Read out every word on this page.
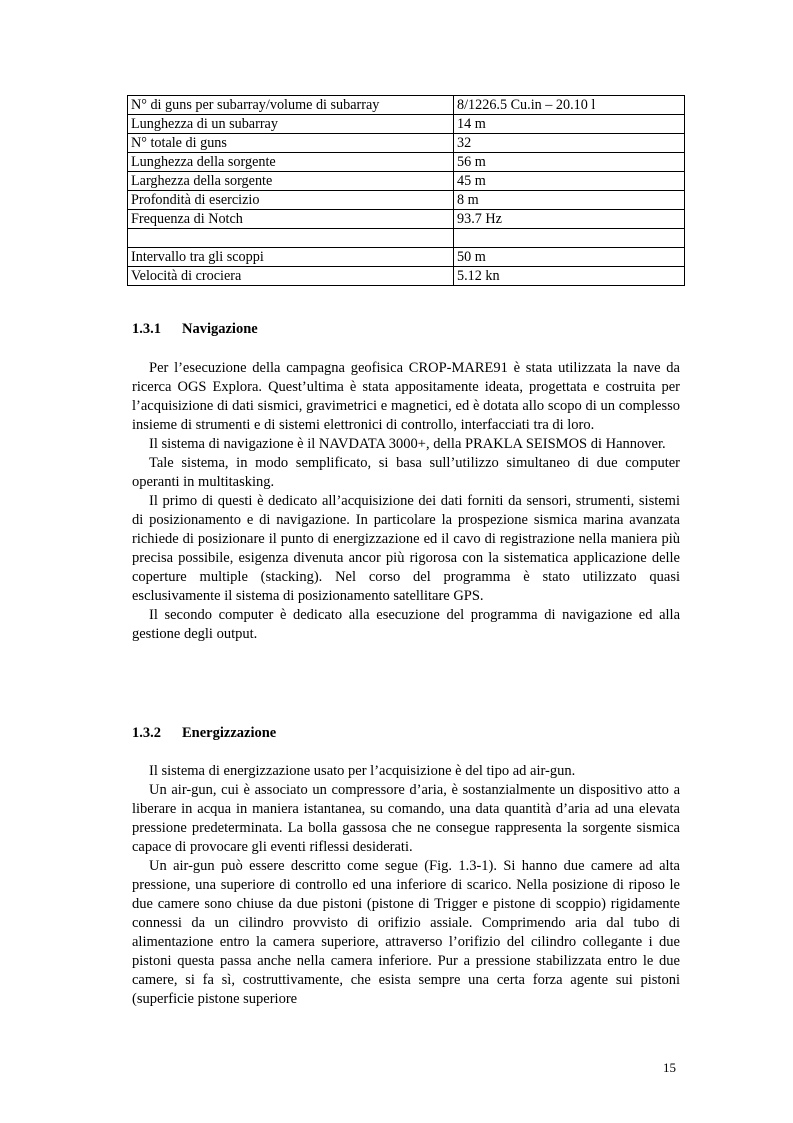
N° di guns per subarray/volume di subarray	8/1226.5 Cu.in – 20.10 l
Lunghezza di un subarray	14 m
N° totale di guns	32
Lunghezza della sorgente	56 m
Larghezza della sorgente	45 m
Profondità di esercizio	8 m
Frequenza di Notch	93.7 Hz

Intervallo tra gli scoppi	50 m
Velocità di crociera	5.12 kn
1.3.1 Navigazione

Per l’esecuzione della campagna geofisica CROP-MARE91 è stata utilizzata la nave da ricerca OGS Explora. Quest’ultima è stata appositamente ideata, progettata e costruita per l’acquisizione di dati sismici, gravimetrici e magnetici, ed è dotata allo scopo di un complesso insieme di strumenti e di sistemi elettronici di controllo, interfacciati tra di loro.

Il sistema di navigazione è il NAVDATA 3000+, della PRAKLA SEISMOS di Hannover.

Tale sistema, in modo semplificato, si basa sull’utilizzo simultaneo di due computer operanti in multitasking.

Il primo di questi è dedicato all’acquisizione dei dati forniti da sensori, strumenti, sistemi di posizionamento e di navigazione. In particolare la prospezione sismica marina avanzata richiede di posizionare il punto di energizzazione ed il cavo di registrazione nella maniera più precisa possibile, esigenza divenuta ancor più rigorosa con la sistematica applicazione delle coperture multiple (stacking). Nel corso del programma è stato utilizzato quasi esclusivamente il sistema di posizionamento satellitare GPS.

Il secondo computer è dedicato alla esecuzione del programma di navigazione ed alla gestione degli output.

1.3.2 Energizzazione

Il sistema di energizzazione usato per l’acquisizione è del tipo ad air-gun.

Un air-gun, cui è associato un compressore d’aria, è sostanzialmente un dispositivo atto a liberare in acqua in maniera istantanea, su comando, una data quantità d’aria ad una elevata pressione predeterminata. La bolla gassosa che ne consegue rappresenta la sorgente sismica capace di provocare gli eventi riflessi desiderati.

Un air-gun può essere descritto come segue (Fig. 1.3-1). Si hanno due camere ad alta pressione, una superiore di controllo ed una inferiore di scarico. Nella posizione di riposo le due camere sono chiuse da due pistoni (pistone di Trigger e pistone di scoppio) rigidamente connessi da un cilindro provvisto di orifizio assiale. Comprimendo aria dal tubo di alimentazione entro la camera superiore, attraverso l’orifizio del cilindro collegante i due pistoni questa passa anche nella camera inferiore. Pur a pressione stabilizzata entro le due camere, si fa sì, costruttivamente, che esista sempre una certa forza agente sui pistoni (superficie pistone superiore

15
